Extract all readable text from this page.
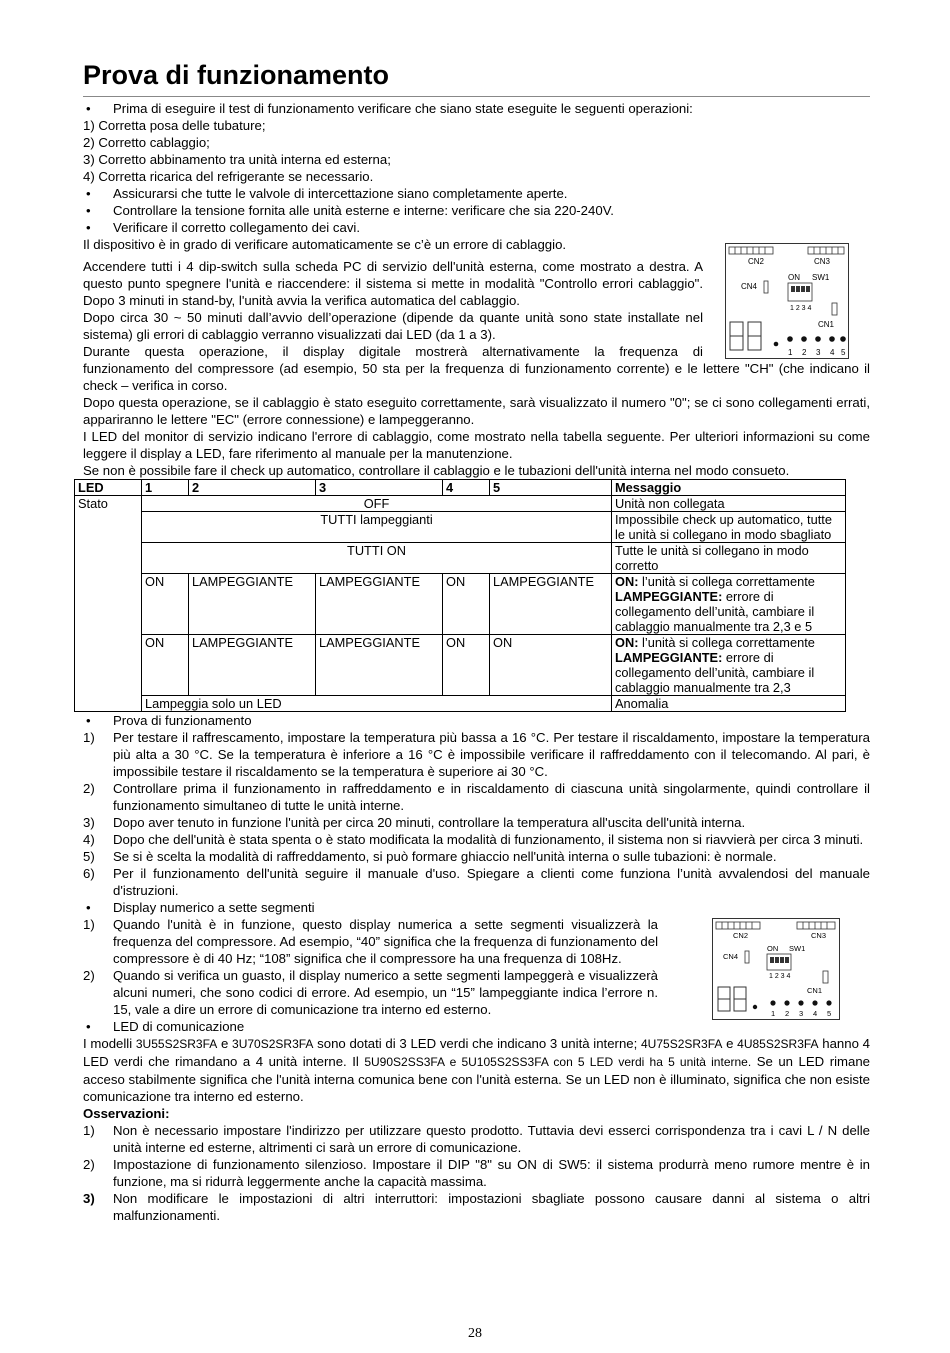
Prova di funzionamento

• Prima di eseguire il test di funzionamento verificare che siano state eseguite le seguenti operazioni:

1) Corretta posa delle tubature;

2) Corretto cablaggio;

3) Corretto abbinamento tra unità interna ed esterna;

4) Corretta ricarica del refrigerante se necessario.

• Assicurarsi che tutte le valvole di intercettazione siano completamente aperte.

• Controllare la tensione fornita alle unità esterne e interne: verificare che sia 220-240V.

• Verificare il corretto collegamento dei cavi.

Il dispositivo è in grado di verificare automaticamente se c’è un errore di cablaggio.

Accendere tutti i 4 dip-switch sulla scheda PC di servizio dell'unità esterna, come mostrato a destra. A questo punto spegnere l'unità e riaccendere: il sistema si mette in modalità "Controllo errori cablaggio". Dopo 3 minuti in stand-by, l'unità avvia la verifica automatica del cablaggio.

Dopo circa 30 ~ 50 minuti dall’avvio dell’operazione (dipende da quante unità sono state installate nel sistema) gli errori di cablaggio verranno visualizzati dai LED (da 1 a 3).

Durante questa operazione, il display digitale mostrerà alternativamente la frequenza di

funzionamento del compressore (ad esempio, 50 sta per la frequenza di funzionamento corrente) e le lettere "CH" (che indicano il check – verifica in corso.

Dopo questa operazione, se il cablaggio è stato eseguito correttamente, sarà visualizzato il numero "0"; se ci sono collegamenti errati, appariranno le lettere "EC" (errore connessione) e lampeggeranno.

I LED del monitor di servizio indicano l'errore di cablaggio, come mostrato nella tabella seguente. Per ulteriori informazioni su come leggere il display a LED, fare riferimento al manuale per la manutenzione.

Se non è possibile fare il check up automatico, controllare il cablaggio e le tubazioni dell'unità interna nel modo consueto.

LED	1	2	3	4	5	Messaggio
Stato	OFF					Unità non collegata
	TUTTI lampeggianti					Impossibile check up automatico, tutte le unità si collegano in modo sbagliato
	TUTTI ON					Tutte le unità si collegano in modo corretto
	ON	LAMPEGGIANTE	LAMPEGGIANTE	ON	LAMPEGGIANTE	ON: l’unità si collega correttamente
LAMPEGGIANTE: errore di collegamento dell’unità, cambiare il cablaggio manualmente tra 2,3 e 5
	ON	LAMPEGGIANTE	LAMPEGGIANTE	ON	ON	ON: l’unità si collega correttamente
LAMPEGGIANTE: errore di collegamento dell’unità, cambiare il cablaggio manualmente tra 2,3
	Lampeggia solo un LED					Anomalia

• Prova di funzionamento

1) Per testare il raffrescamento, impostare la temperatura più bassa a 16 °C. Per testare il riscaldamento, impostare la temperatura più alta a 30 °C. Se la temperatura è inferiore a 16 °C è impossibile verificare il raffreddamento con il telecomando. Al pari, è impossibile testare il riscaldamento se la temperatura è superiore ai 30 °C.

2) Controllare prima il funzionamento in raffreddamento e in riscaldamento di ciascuna unità singolarmente, quindi controllare il funzionamento simultaneo di tutte le unità interne.

3) Dopo aver tenuto in funzione l'unità per circa 20 minuti, controllare la temperatura all'uscita dell'unità interna.

4) Dopo che dell'unità è stata spenta o è stato modificata la modalità di funzionamento, il sistema non si riavvierà per circa 3 minuti.

5) Se si è scelta la modalità di raffreddamento, si può formare ghiaccio nell'unità interna o sulle tubazioni: è normale.

6) Per il funzionamento dell'unità seguire il manuale d'uso. Spiegare a clienti come funziona l’unità avvalendosi del manuale d'istruzioni.

• Display numerico a sette segmenti

1) Quando l'unità è in funzione, questo display numerica a sette segmenti visualizzerà la frequenza del compressore. Ad esempio, “40” significa che la frequenza di funzionamento del compressore è di 40 Hz; “108” significa che il compressore ha una frequenza di 108Hz.

2) Quando si verifica un guasto, il display numerico a sette segmenti lampeggerà e visualizzerà alcuni numeri, che sono codici di errore. Ad esempio, un “15” lampeggiante indica l’errore n. 15, vale a dire un errore di comunicazione tra interno ed esterno.

• LED di comunicazione

I modelli 3U55S2SR3FA e 3U70S2SR3FA sono dotati di 3 LED verdi che indicano 3 unità interne; 4U75S2SR3FA e 4U85S2SR3FA hanno 4 LED verdi che rimandano a 4 unità interne. Il 5U90S2SS3FA e 5U105S2SS3FA con 5 LED verdi ha 5 unità interne. Se un LED rimane acceso stabilmente significa che l'unità interna comunica bene con l'unità esterna. Se un LED non è illuminato, significa che non esiste comunicazione tra interno ed esterno.

Osservazioni:

1) Non è necessario impostare l'indirizzo per utilizzare questo prodotto. Tuttavia devi esserci corrispondenza tra i cavi L / N delle unità interne ed esterne, altrimenti ci sarà un errore di comunicazione.

2) Impostazione di funzionamento silenzioso. Impostare il DIP "8" su ON di SW5: il sistema produrrà meno rumore mentre è in funzione, ma si ridurrà leggermente anche la capacità massima.

3) Non modificare le impostazioni di altri interruttori: impostazioni sbagliate possono causare danni al sistema o altri malfunzionamenti.

CN2	CN3
ON SW1
CN4
1 2 3 4
CN1
1 2 3 4 5
CN2	CN3
ON SW1
CN4
1 2 3 4
CN1
1 2 3 4 5
28
